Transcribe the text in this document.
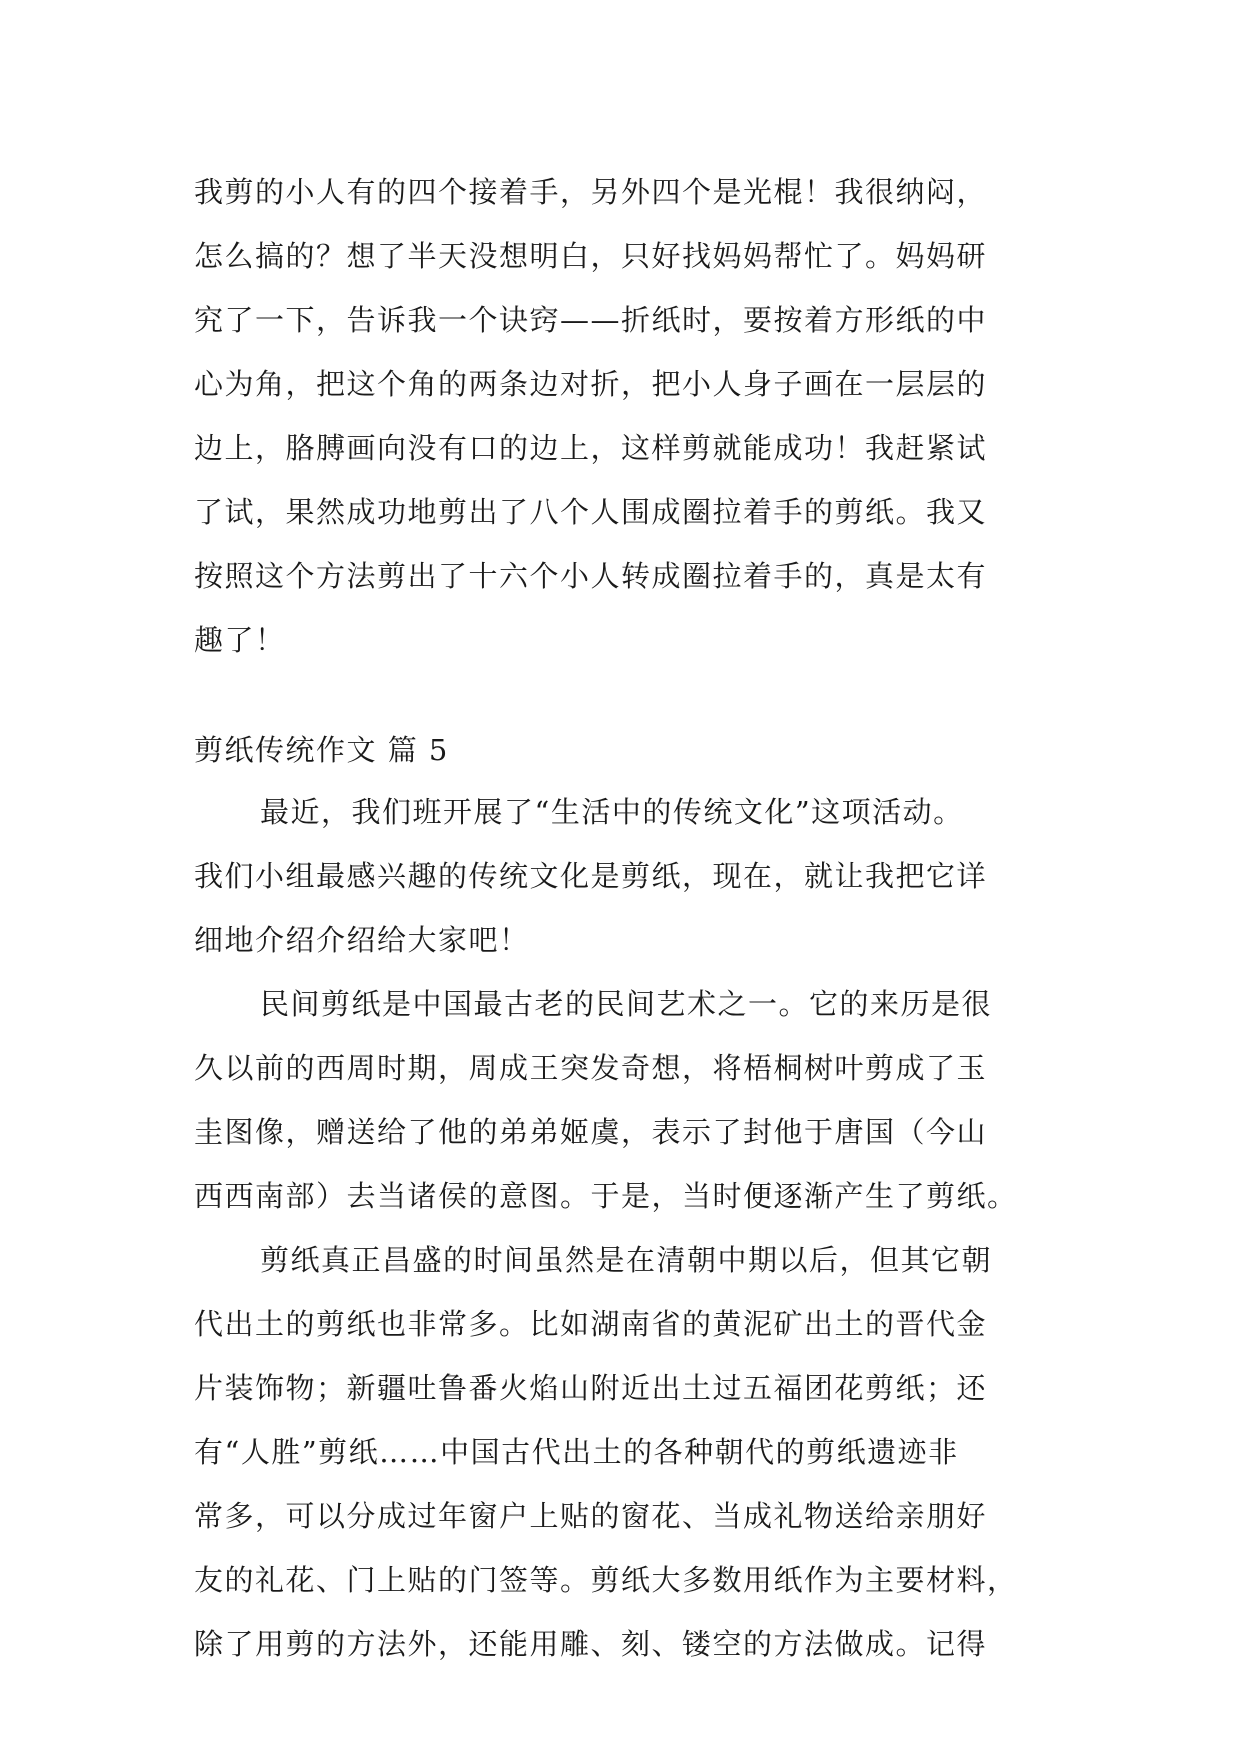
我剪的小人有的四个接着手，另外四个是光棍！我很纳闷，
怎么搞的？想了半天没想明白，只好找妈妈帮忙了。妈妈研
究了一下，告诉我一个诀窍——折纸时，要按着方形纸的中
心为角，把这个角的两条边对折，把小人身子画在一层层的
边上，胳膊画向没有口的边上，这样剪就能成功！我赶紧试
了试，果然成功地剪出了八个人围成圈拉着手的剪纸。我又
按照这个方法剪出了十六个小人转成圈拉着手的，真是太有
趣了！
剪纸传统作文 篇 5
最近，我们班开展了“生活中的传统文化”这项活动。
我们小组最感兴趣的传统文化是剪纸，现在，就让我把它详
细地介绍介绍给大家吧！
民间剪纸是中国最古老的民间艺术之一。它的来历是很
久以前的西周时期，周成王突发奇想，将梧桐树叶剪成了玉
圭图像，赠送给了他的弟弟姬虞，表示了封他于唐国（今山
西西南部）去当诸侯的意图。于是，当时便逐渐产生了剪纸。
剪纸真正昌盛的时间虽然是在清朝中期以后，但其它朝
代出土的剪纸也非常多。比如湖南省的黄泥矿出土的晋代金
片装饰物；新疆吐鲁番火焰山附近出土过五福团花剪纸；还
有“人胜”剪纸……中国古代出土的各种朝代的剪纸遗迹非
常多，可以分成过年窗户上贴的窗花、当成礼物送给亲朋好
友的礼花、门上贴的门签等。剪纸大多数用纸作为主要材料，
除了用剪的方法外，还能用雕、刻、镂空的方法做成。记得
